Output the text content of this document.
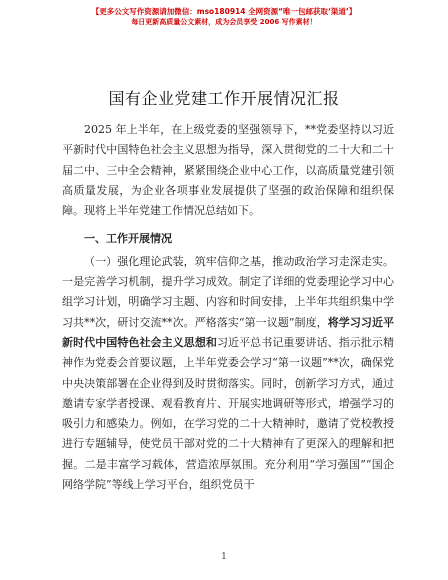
【更多公文写作资源请加微信：mso180914 全网资源“唯一包邮获取‘渠道’】
每日更新高质量公文素材，成为会员享受 2006 写作素材！
国有企业党建工作开展情况汇报

2025 年上半年，在上级党委的坚强领导下，**党委坚持以习近平新时代中国特色社会主义思想为指导，深入贯彻党的二十大和二十届二中、三中全会精神，紧紧围绕企业中心工作，以高质量党建引领高质量发展，为企业各项事业发展提供了坚强的政治保障和组织保障。现将上半年党建工作情况总结如下。

一、工作开展情况

（一）强化理论武装，筑牢信仰之基，推动政治学习走深走实。一是完善学习机制，提升学习成效。制定了详细的党委理论学习中心组学习计划，明确学习主题、内容和时间安排，上半年共组织集中学习共**次，研讨交流**次。严格落实“第一议题”制度，将学习习近平新时代中国特色社会主义思想和习近平总书记重要讲话、指示批示精神作为党委会首要议题，上半年党委会学习“第一议题”**次，确保党中央决策部署在企业得到及时贯彻落实。同时，创新学习方式，通过邀请专家学者授课、观看教育片、开展实地调研等形式，增强学习的吸引力和感染力。例如，在学习党的二十大精神时，邀请了党校教授进行专题辅导，使党员干部对党的二十大精神有了更深入的理解和把握。二是丰富学习载体，营造浓厚氛围。充分利用“学习强国”“国企网络学院”等线上学习平台，组织党员干

1
